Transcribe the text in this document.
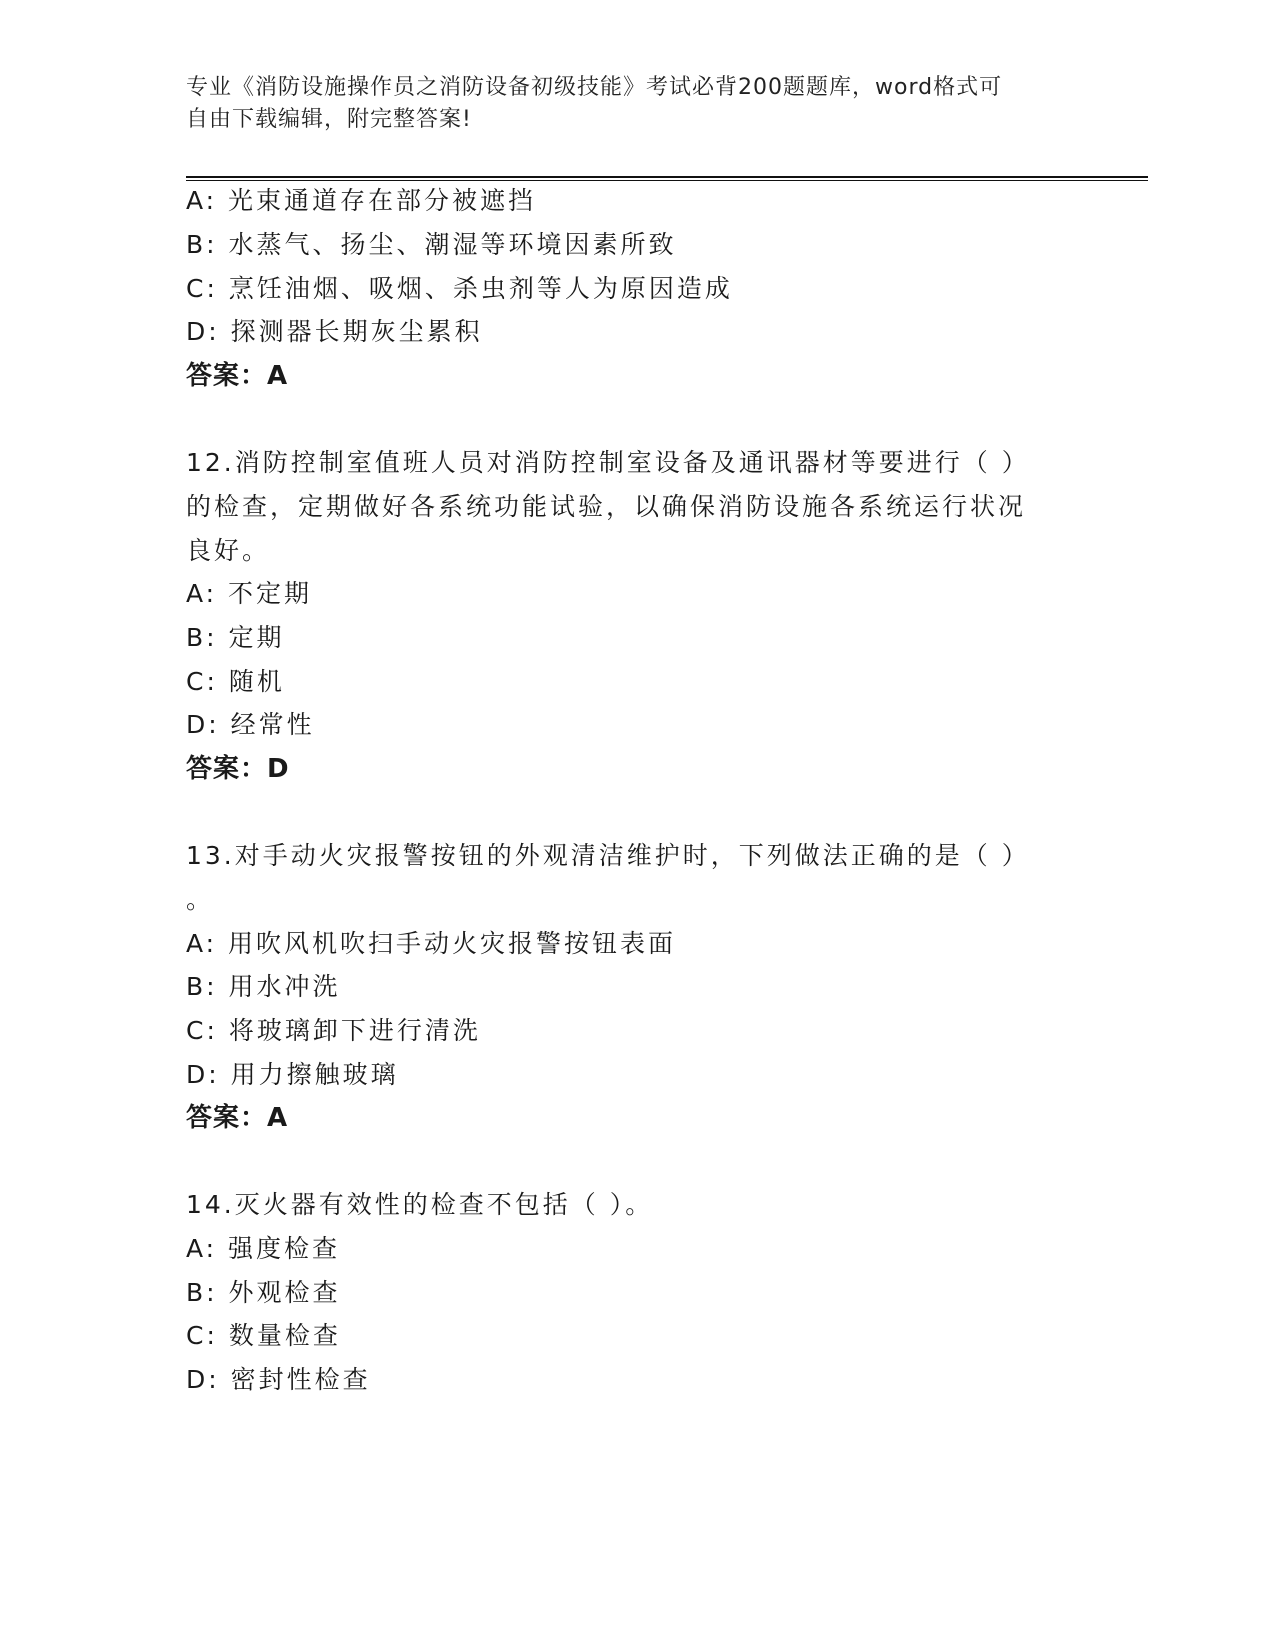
专业《消防设施操作员之消防设备初级技能》考试必背200题题库，word格式可
自由下载编辑，附完整答案!
A: 光束通道存在部分被遮挡
B: 水蒸气、扬尘、潮湿等环境因素所致
C: 烹饪油烟、吸烟、杀虫剂等人为原因造成
D: 探测器长期灰尘累积
答案：A
12.消防控制室值班人员对消防控制室设备及通讯器材等要进行（ ）
的检查，定期做好各系统功能试验，以确保消防设施各系统运行状况
良好。
A: 不定期
B: 定期
C: 随机
D: 经常性
答案：D
13.对手动火灾报警按钮的外观清洁维护时，下列做法正确的是（ ）
。
A: 用吹风机吹扫手动火灾报警按钮表面
B: 用水冲洗
C: 将玻璃卸下进行清洗
D: 用力擦触玻璃
答案：A
14.灭火器有效性的检查不包括（ ）。
A: 强度检查
B: 外观检查
C: 数量检查
D: 密封性检查
